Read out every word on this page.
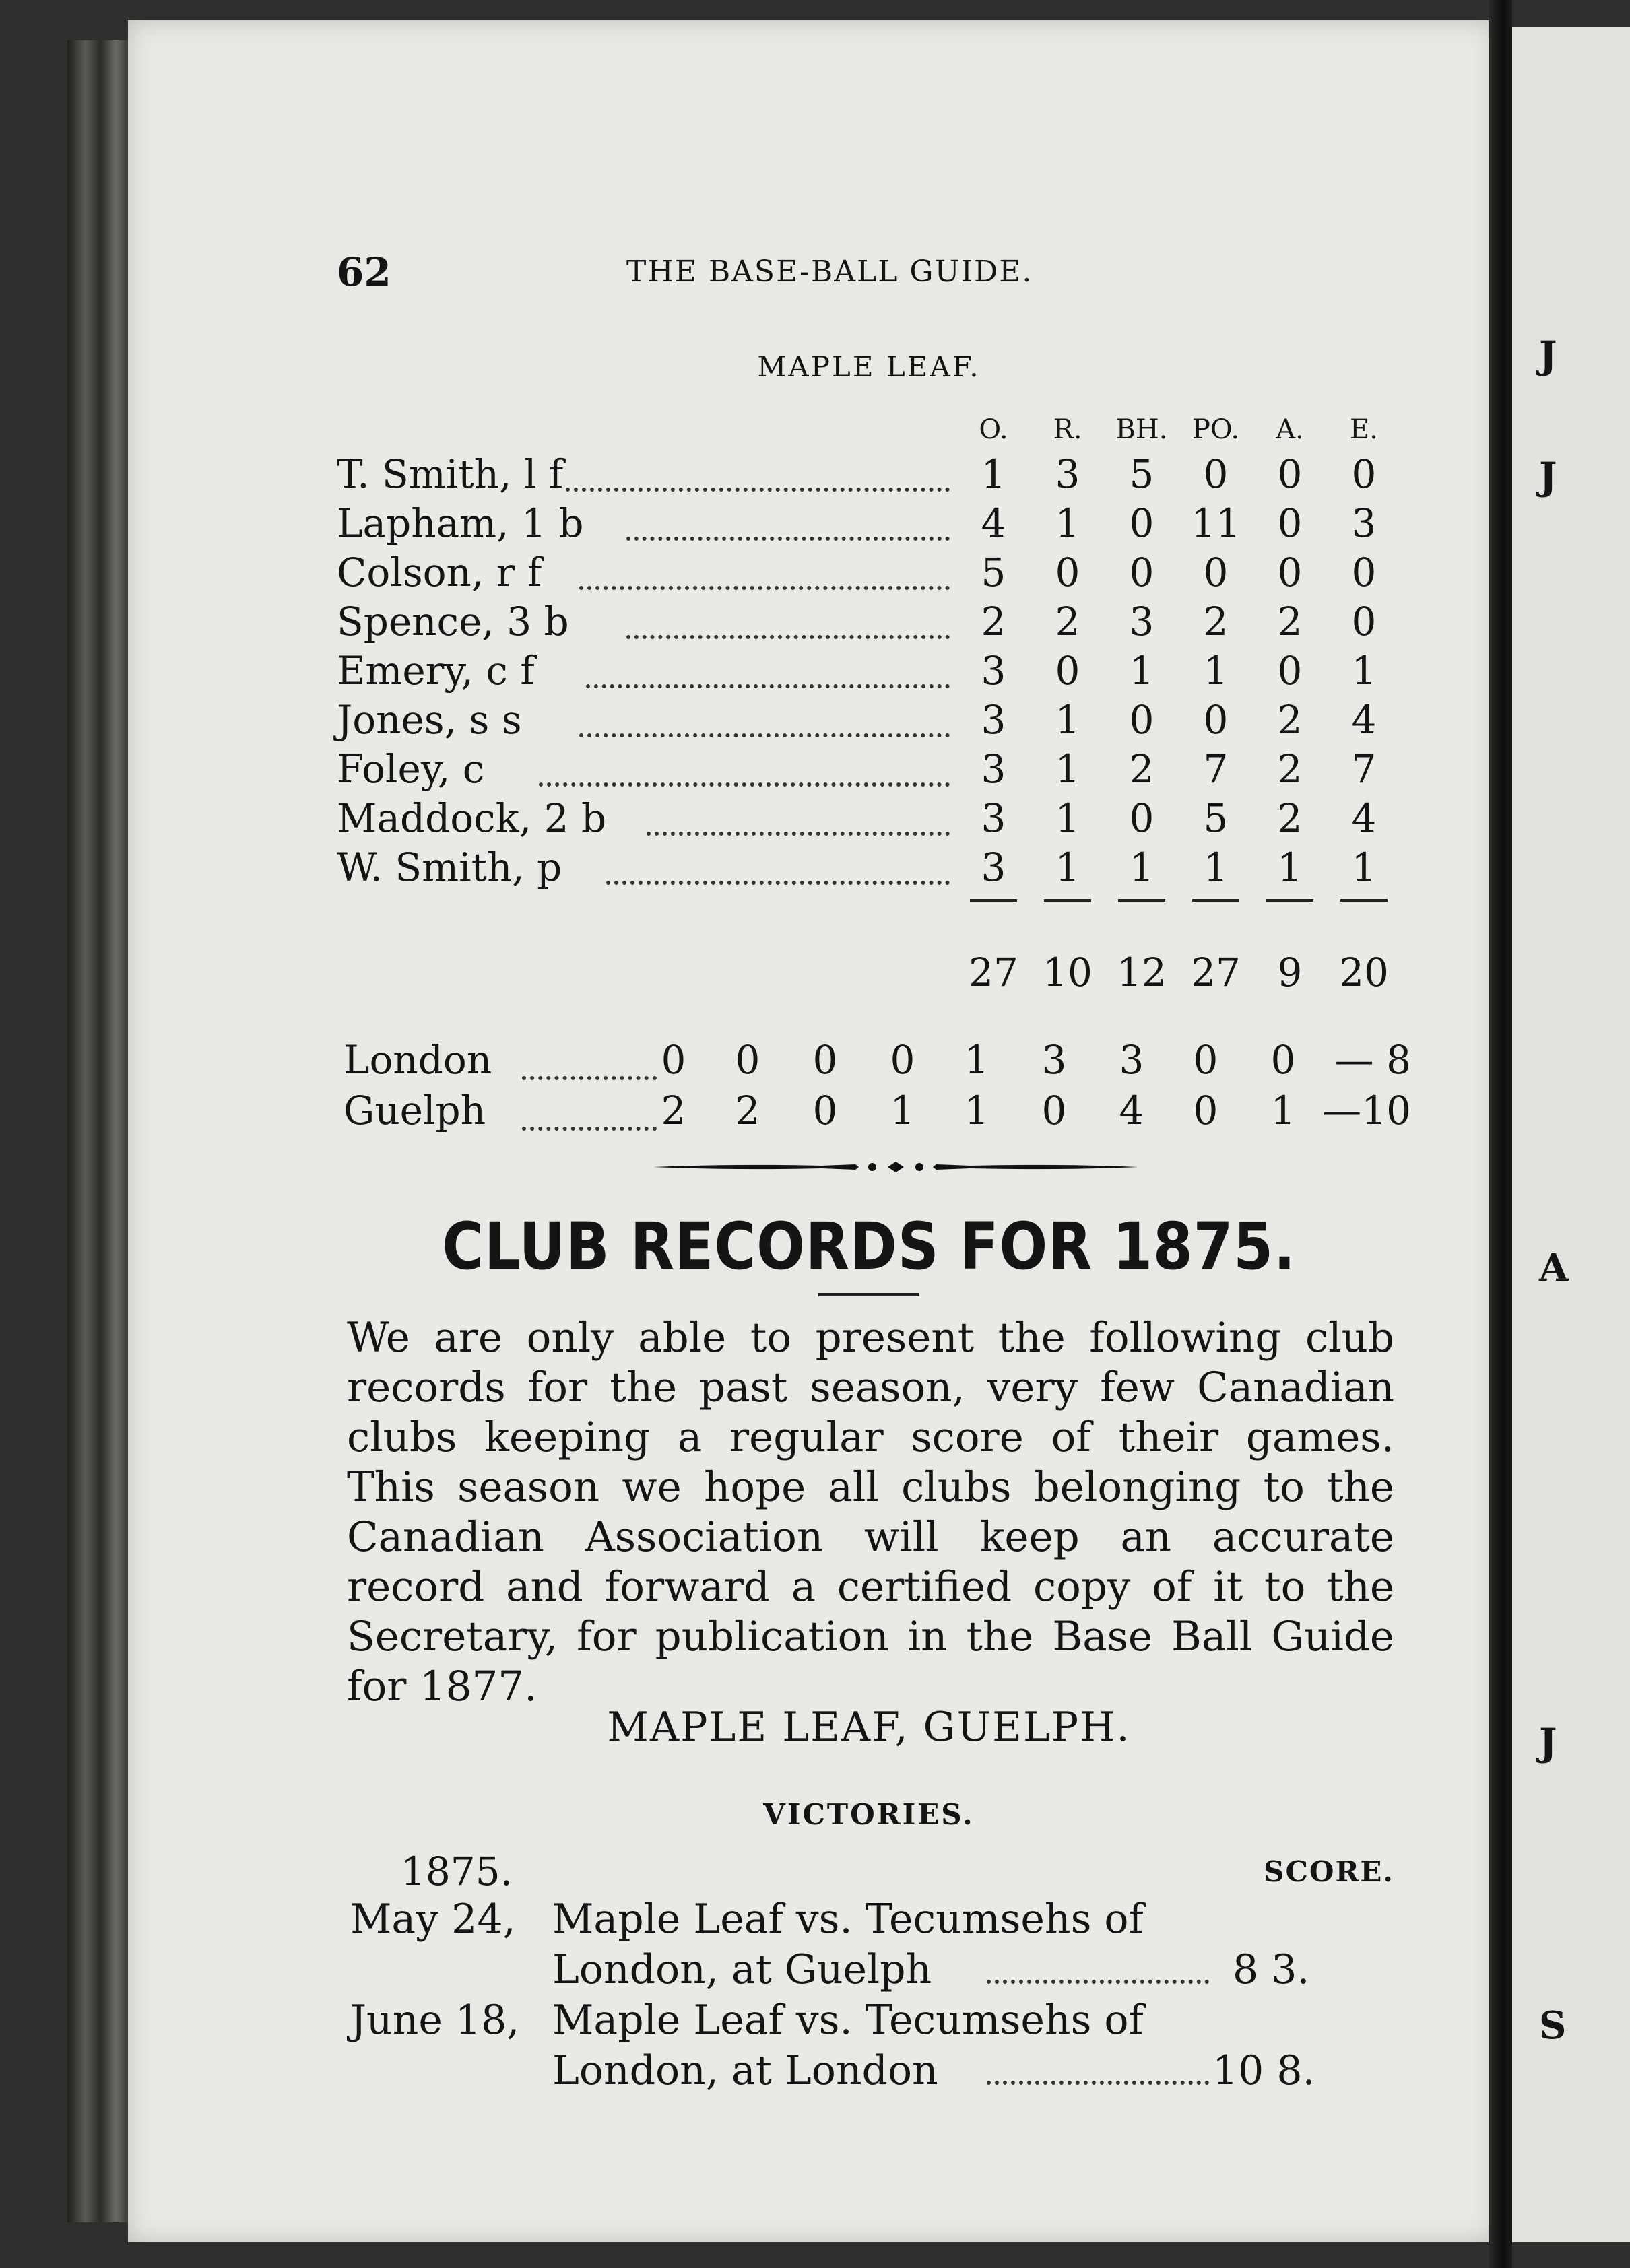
J
J
A
J
S
62	THE BASE-BALL GUIDE.
MAPLE LEAF.
O.	R.	BH. PO.	A.	E.
T. Smith, l f	1	3	5	0	0	0
Lapham, 1 b	4	1	0 11 0	3
Colson, r f	5	0	0	0	0	0
Spence, 3 b	2	2	3	2	2	0
Emery, c f	3	0	1	1	0	1
Jones, s s	3	1	0	0	2	4
Foley, c	3	1	2	7	2	7
Maddock, 2 b	3	1	0	5	2	4
W. Smith, p	3	1	1	1	1	1
27 10 12 27 9 20
London	0 0 0 0 1 3 3 0 0	— 8
Guelph	2 2 0 1 1 0 4 0 1 —10
CLUB RECORDS FOR 1875.
We are only able to present the following club records for the past season, very few Canadian clubs keeping a regular score of their games. This season we hope all clubs belonging to the Canadian Association will keep an accurate record and forward a certified copy of it to the Secretary, for publication in the Base Ball Guide for 1877.
MAPLE LEAF, GUELPH.
VICTORIES.
1875.	SCORE.
May 24, Maple Leaf vs. Tecumsehs of
London, at Guelph	8 3.
June 18, Maple Leaf vs. Tecumsehs of
London, at London	10 8.
